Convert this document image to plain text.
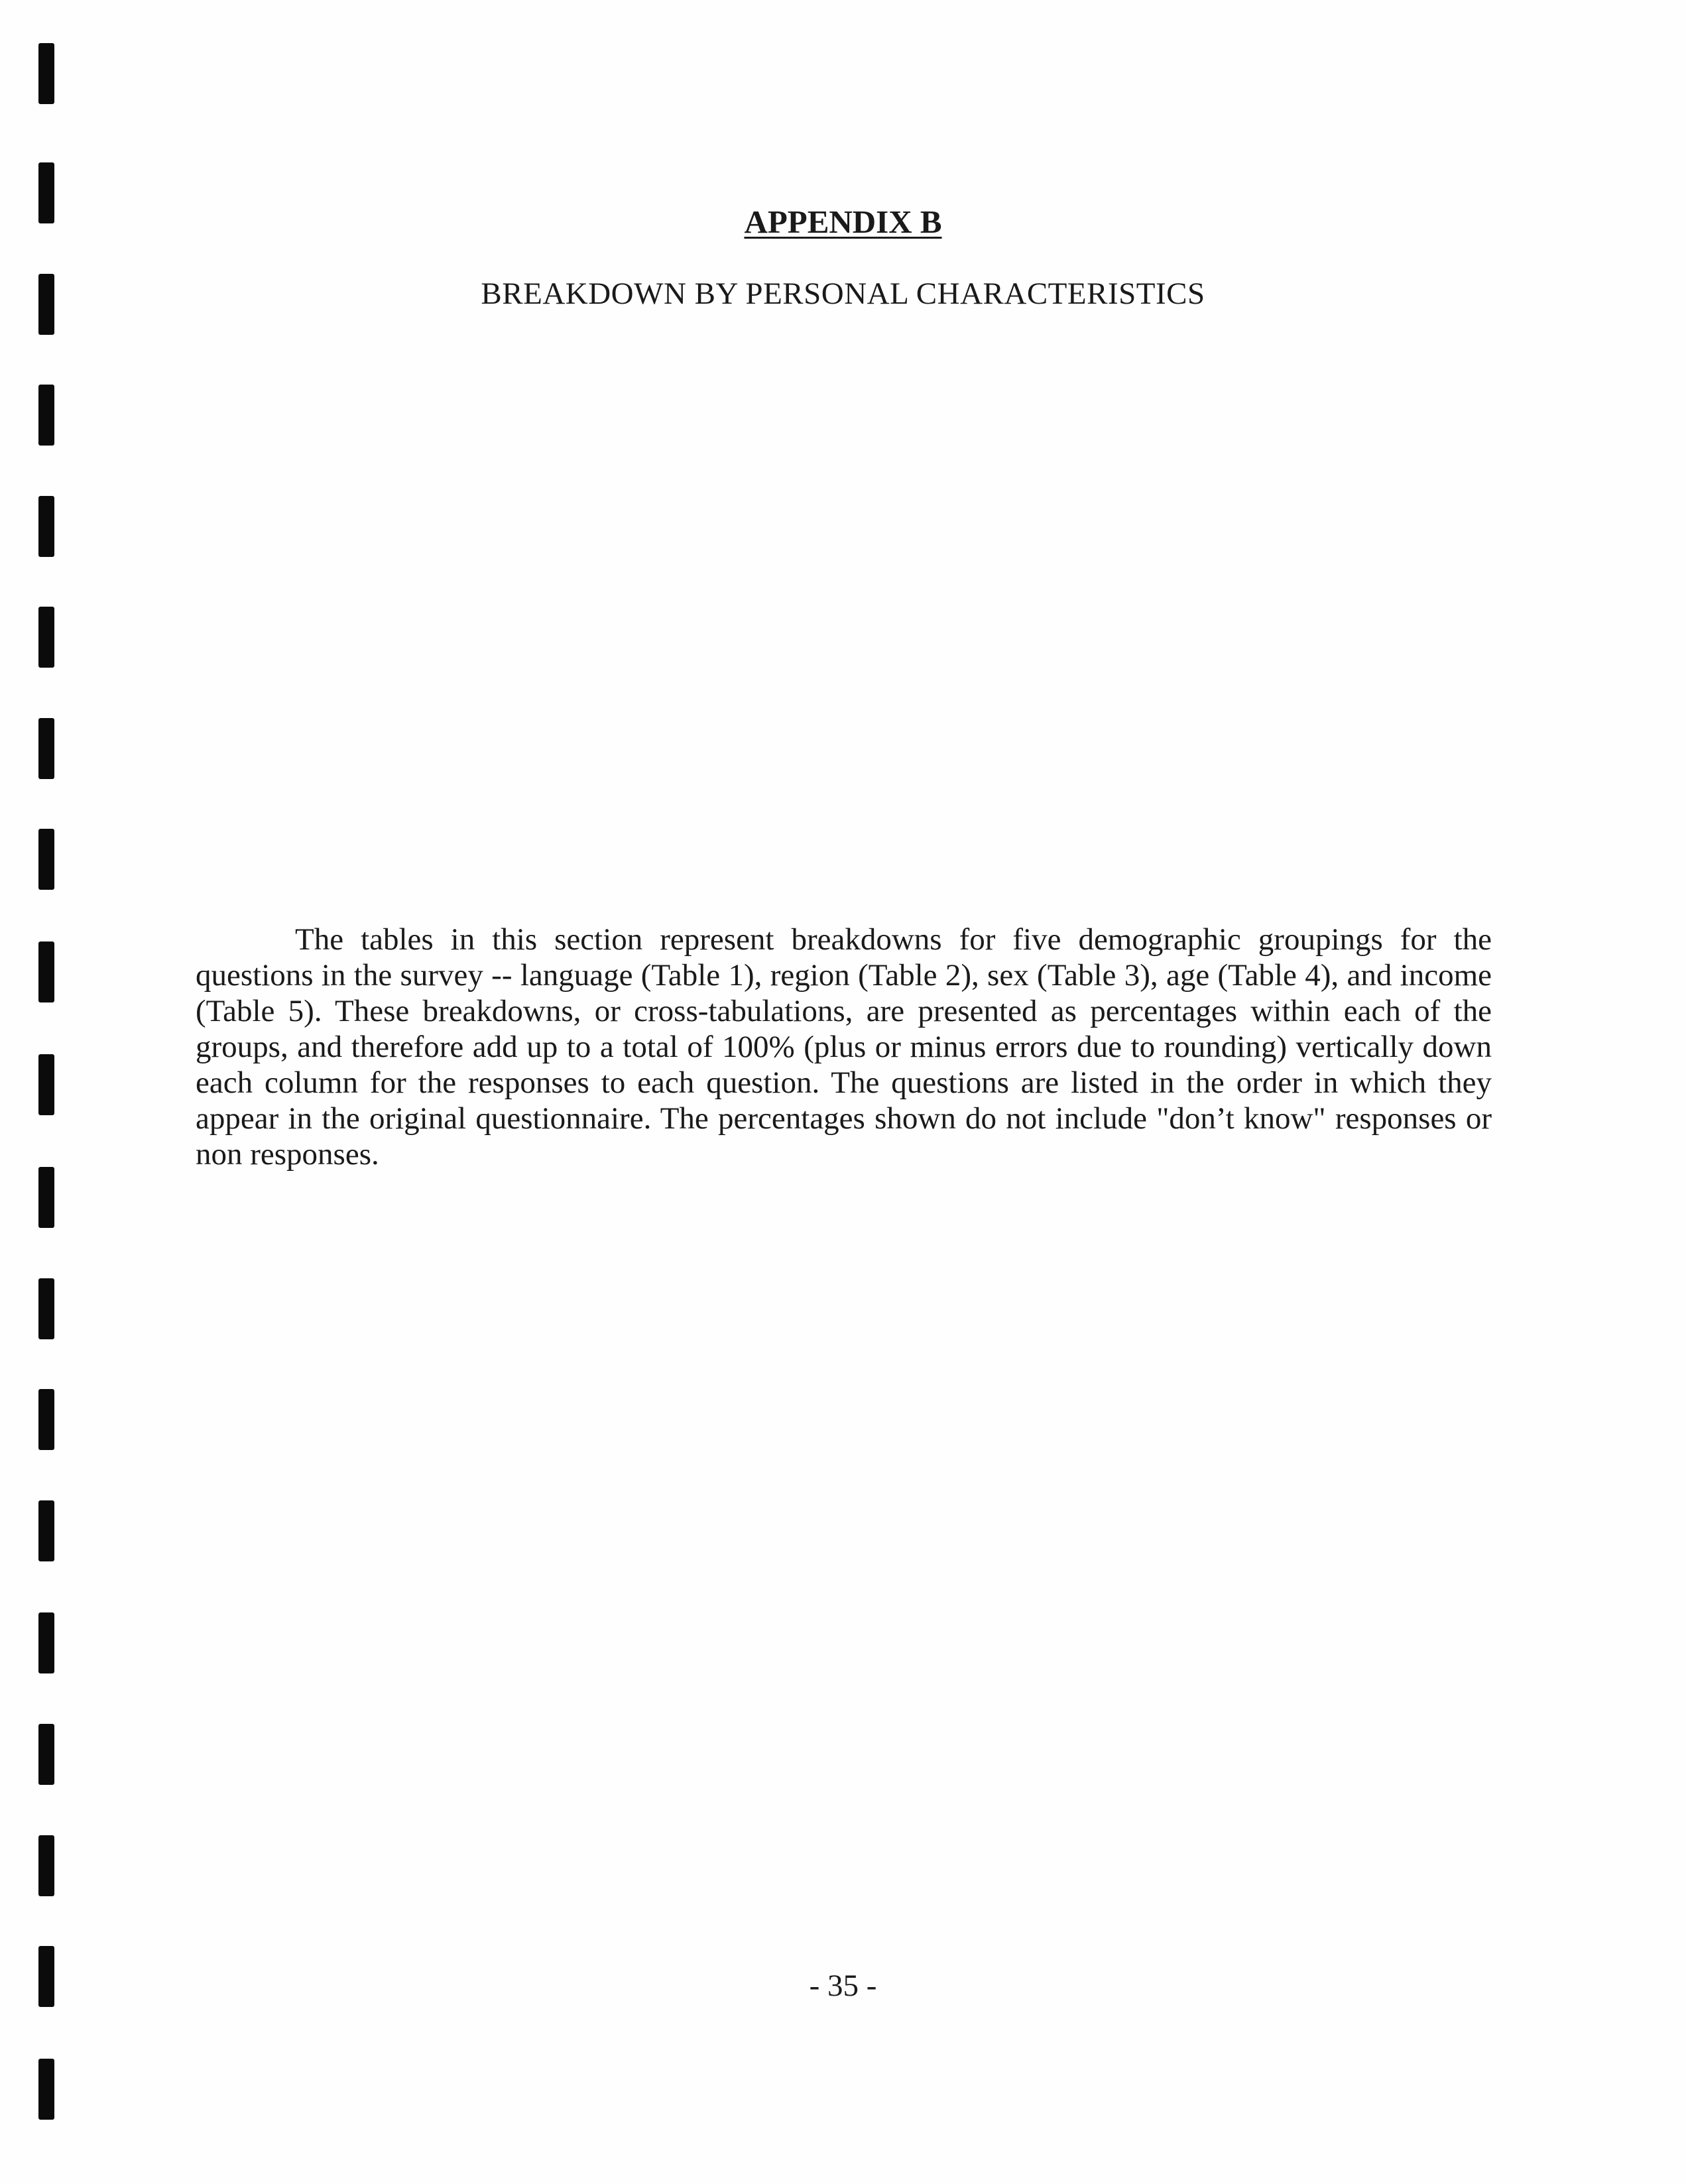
APPENDIX B
BREAKDOWN BY PERSONAL CHARACTERISTICS

The tables in this section represent breakdowns for five demographic groupings for the questions in the survey -- language (Table 1), region (Table 2), sex (Table 3), age (Table 4), and income (Table 5). These breakdowns, or cross-tabulations, are presented as percentages within each of the groups, and therefore add up to a total of 100% (plus or minus errors due to rounding) vertically down each column for the responses to each question. The questions are listed in the order in which they appear in the original questionnaire. The percentages shown do not include "don’t know" responses or non responses.

- 35 -
